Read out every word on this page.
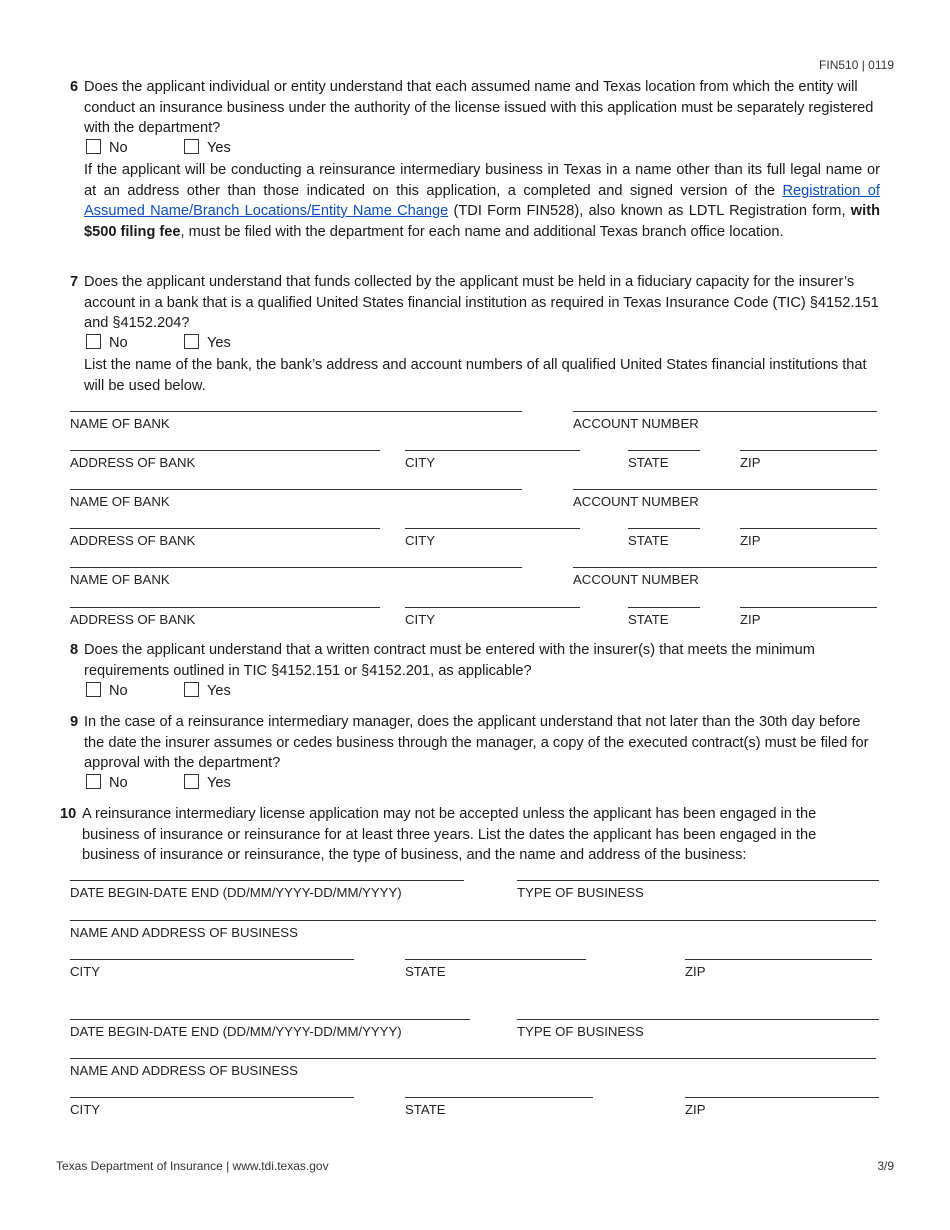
FIN510 | 0119
6 Does the applicant individual or entity understand that each assumed name and Texas location from which the entity will conduct an insurance business under the authority of the license issued with this application must be separately registered with the department?
No	Yes
If the applicant will be conducting a reinsurance intermediary business in Texas in a name other than its full legal name or at an address other than those indicated on this application, a completed and signed version of the Registration of Assumed Name/Branch Locations/Entity Name Change (TDI Form FIN528), also known as LDTL Registration form, with $500 filing fee, must be filed with the department for each name and additional Texas branch office location.
7 Does the applicant understand that funds collected by the applicant must be held in a fiduciary capacity for the insurer’s account in a bank that is a qualified United States financial institution as required in Texas Insurance Code (TIC) §4152.151 and §4152.204?
No	Yes
List the name of the bank, the bank’s address and account numbers of all qualified United States financial institutions that will be used below.
NAME OF BANK	ACCOUNT NUMBER
ADDRESS OF BANK	CITY	STATE	ZIP
NAME OF BANK	ACCOUNT NUMBER
ADDRESS OF BANK	CITY	STATE	ZIP
NAME OF BANK	ACCOUNT NUMBER
ADDRESS OF BANK	CITY	STATE	ZIP
8 Does the applicant understand that a written contract must be entered with the insurer(s) that meets the minimum requirements outlined in TIC §4152.151 or §4152.201, as applicable?
No	Yes
9 In the case of a reinsurance intermediary manager, does the applicant understand that not later than the 30th day before the date the insurer assumes or cedes business through the manager, a copy of the executed contract(s) must be filed for approval with the department?
No	Yes
10 A reinsurance intermediary license application may not be accepted unless the applicant has been engaged in the business of insurance or reinsurance for at least three years. List the dates the applicant has been engaged in the business of insurance or reinsurance, the type of business, and the name and address of the business:
DATE BEGIN-DATE END (DD/MM/YYYY-DD/MM/YYYY)	TYPE OF BUSINESS
NAME AND ADDRESS OF BUSINESS
CITY	STATE	ZIP
DATE BEGIN-DATE END (DD/MM/YYYY-DD/MM/YYYY)	TYPE OF BUSINESS
NAME AND ADDRESS OF BUSINESS
CITY	STATE	ZIP
Texas Department of Insurance | www.tdi.texas.gov	3/9
